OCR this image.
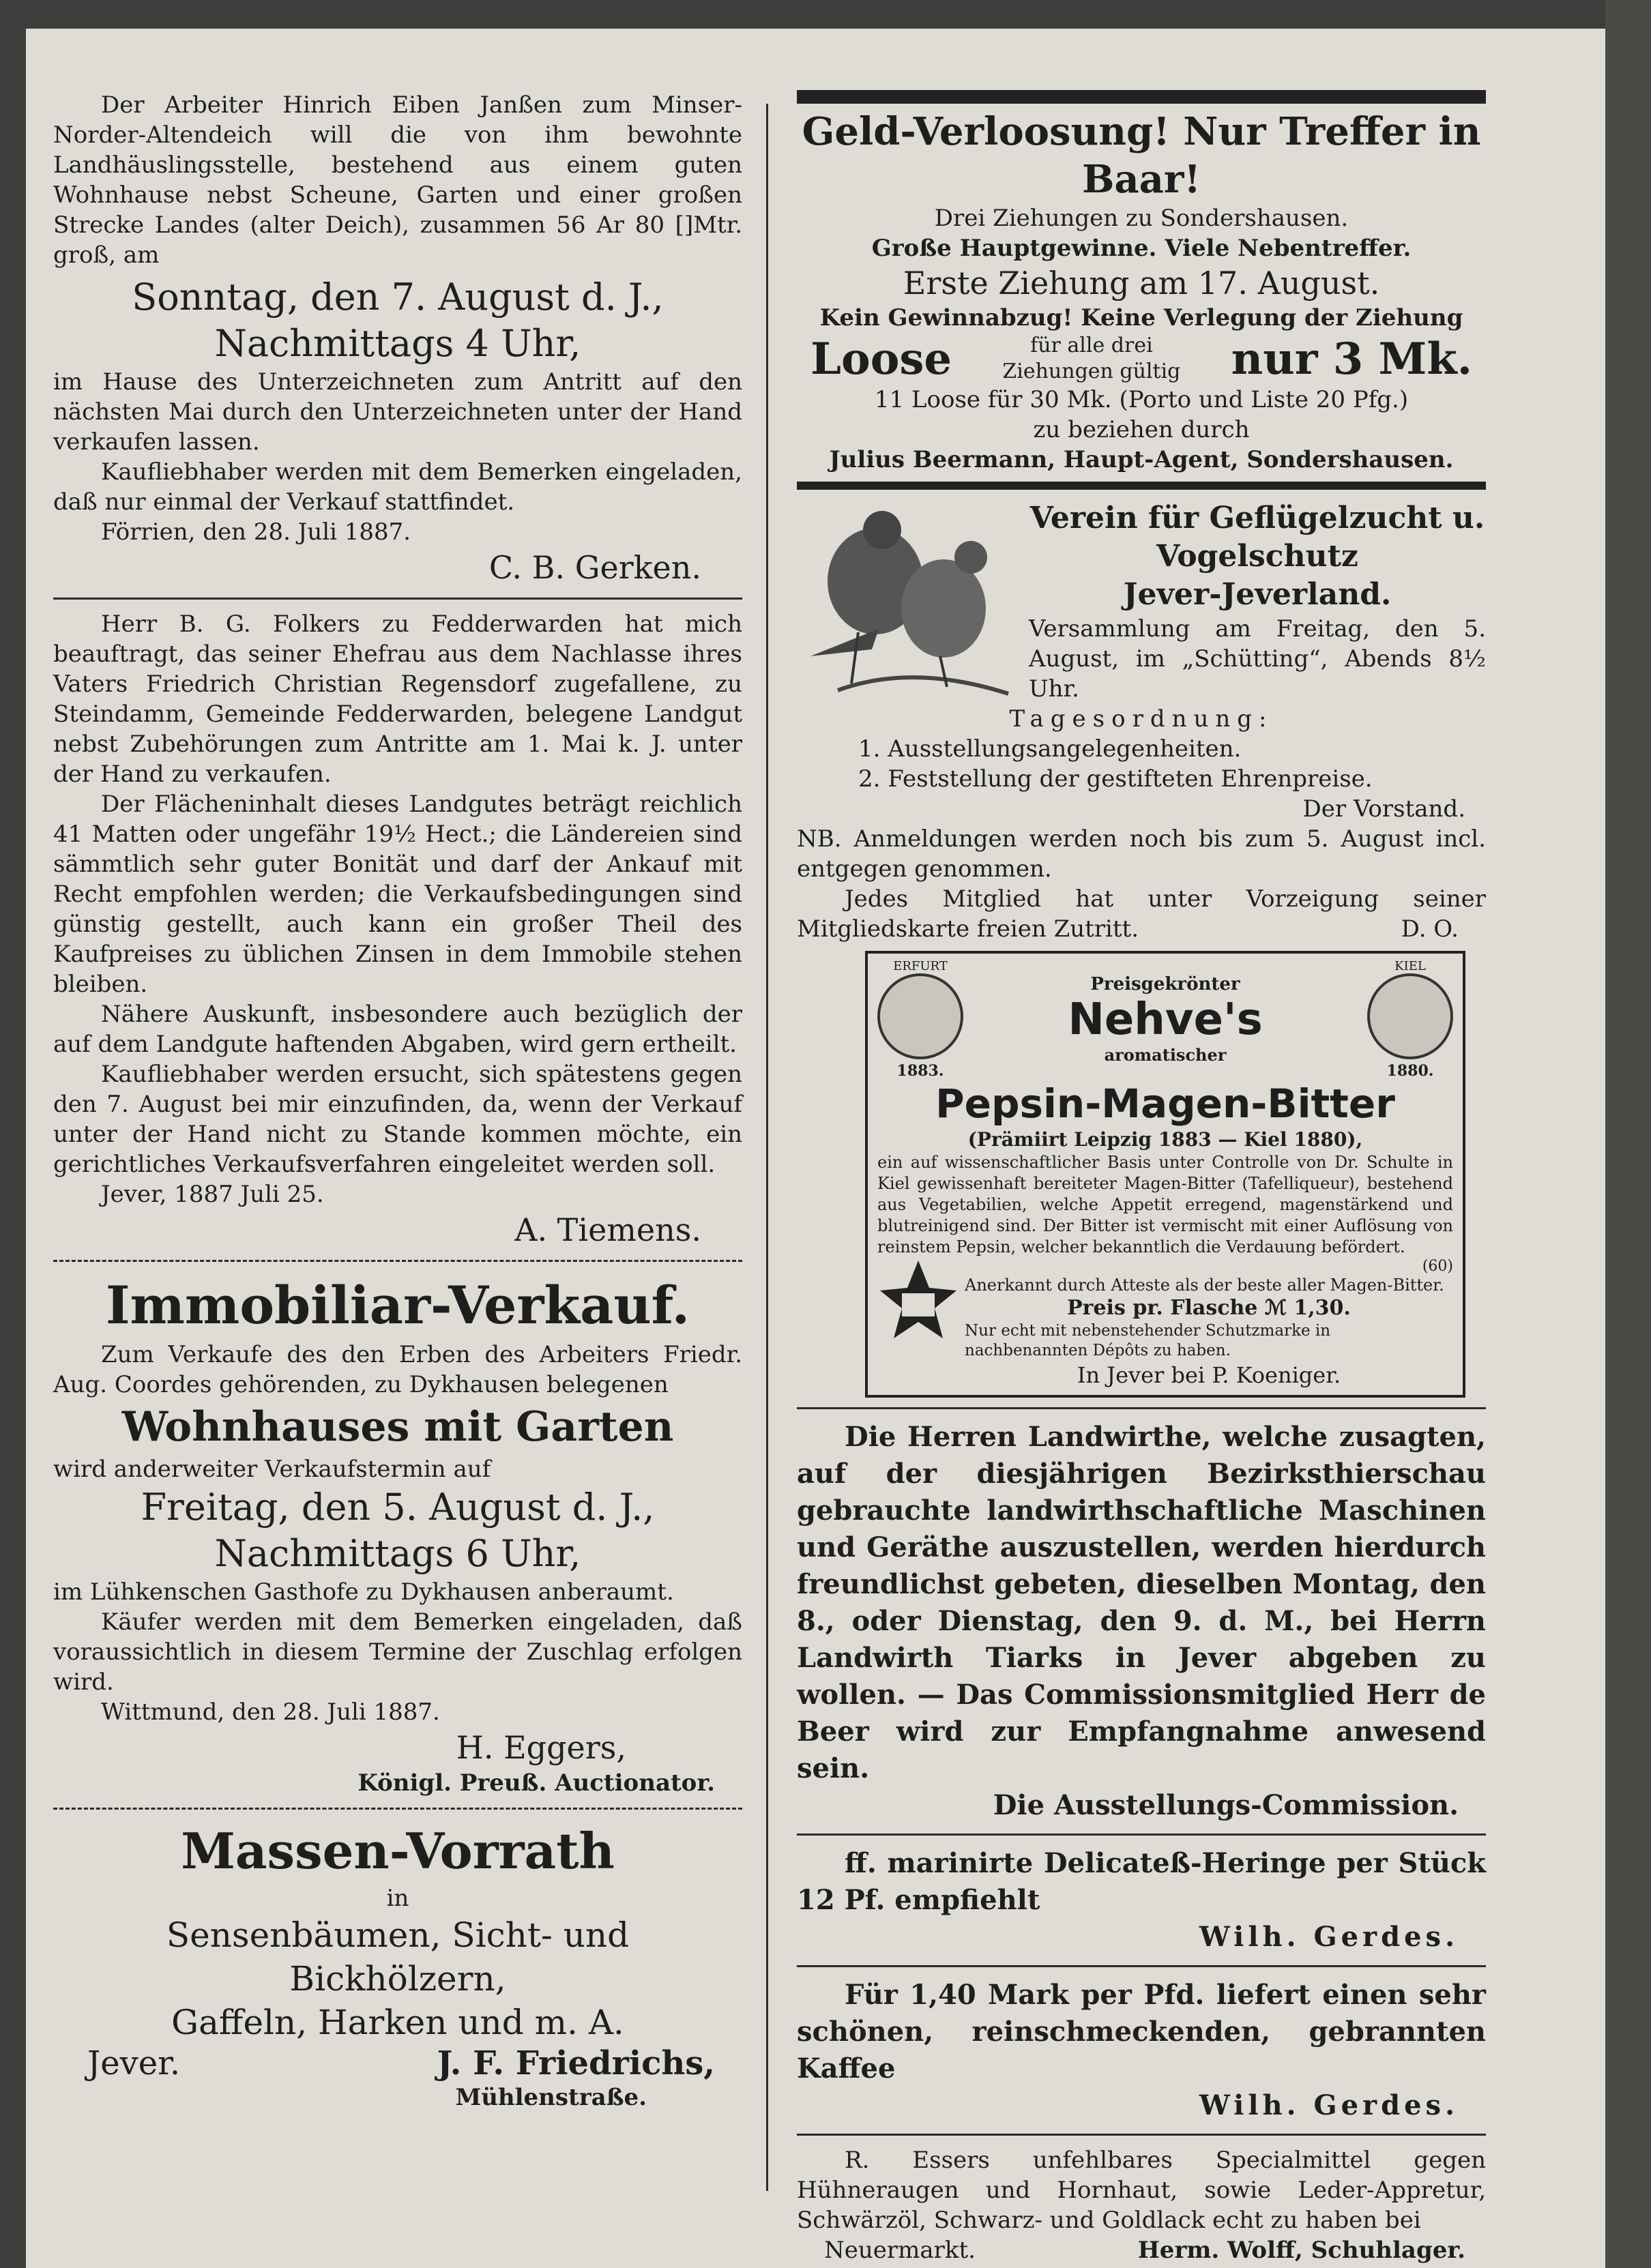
Der Arbeiter Hinrich Eiben Janßen zum Minser-Norder-Altendeich will die von ihm bewohnte Landhäuslingsstelle, bestehend aus einem guten Wohnhause nebst Scheune, Garten und einer großen Strecke Landes (alter Deich), zusammen 56 Ar 80 []Mtr. groß, am

Sonntag, den 7. August d. J.,

Nachmittags 4 Uhr,

im Hause des Unterzeichneten zum Antritt auf den nächsten Mai durch den Unterzeichneten unter der Hand verkaufen lassen.

Kaufliebhaber werden mit dem Bemerken eingeladen, daß nur einmal der Verkauf stattfindet.

Förrien, den 28. Juli 1887.

C. B. Gerken.

Herr B. G. Folkers zu Fedderwarden hat mich beauftragt, das seiner Ehefrau aus dem Nachlasse ihres Vaters Friedrich Christian Regensdorf zugefallene, zu Steindamm, Gemeinde Fedderwarden, belegene Landgut nebst Zubehörungen zum Antritte am 1. Mai k. J. unter der Hand zu verkaufen.

Der Flächeninhalt dieses Landgutes beträgt reichlich 41 Matten oder ungefähr 19½ Hect.; die Ländereien sind sämmtlich sehr guter Bonität und darf der Ankauf mit Recht empfohlen werden; die Verkaufsbedingungen sind günstig gestellt, auch kann ein großer Theil des Kaufpreises zu üblichen Zinsen in dem Immobile stehen bleiben.

Nähere Auskunft, insbesondere auch bezüglich der auf dem Landgute haftenden Abgaben, wird gern ertheilt.

Kaufliebhaber werden ersucht, sich spätestens gegen den 7. August bei mir einzufinden, da, wenn der Verkauf unter der Hand nicht zu Stande kommen möchte, ein gerichtliches Verkaufsverfahren eingeleitet werden soll.

Jever, 1887 Juli 25.

A. Tiemens.

Immobiliar-Verkauf.

Zum Verkaufe des den Erben des Arbeiters Friedr. Aug. Coordes gehörenden, zu Dykhausen belegenen

Wohnhauses mit Garten

wird anderweiter Verkaufstermin auf

Freitag, den 5. August d. J.,

Nachmittags 6 Uhr,

im Lühkenschen Gasthofe zu Dykhausen anberaumt.

Käufer werden mit dem Bemerken eingeladen, daß voraussichtlich in diesem Termine der Zuschlag erfolgen wird.

Wittmund, den 28. Juli 1887.

H. Eggers,

Königl. Preuß. Auctionator.

Massen-Vorrath

in

Sensenbäumen, Sicht- und Bickhölzern,

Gaffeln, Harken und m. A.

Jever.	J. F. Friedrichs,

Mühlenstraße.

Geld-Verloosung! Nur Treffer in Baar!

Drei Ziehungen zu Sondershausen.

Große Hauptgewinne. Viele Nebentreffer.

Erste Ziehung am 17. August.

Kein Gewinnabzug! Keine Verlegung der Ziehung

Loose	für alle drei Ziehungen gültig nur 3 Mk.

11 Loose für 30 Mk. (Porto und Liste 20 Pfg.)

zu beziehen durch

Julius Beermann, Haupt-Agent, Sondershausen.

Verein für Geflügelzucht u.

Vogelschutz

Jever-Jeverland.

Versammlung am Freitag, den 5. August, im „Schütting“, Abends 8½ Uhr.

Tagesordnung:

1. Ausstellungsangelegenheiten.

2. Feststellung der gestifteten Ehrenpreise.

Der Vorstand.

NB. Anmeldungen werden noch bis zum 5. August incl. entgegen genommen.

Jedes Mitglied hat unter Vorzeigung seiner Mitgliedskarte freien Zutritt.	D. O.

ERFURT
1883.
Preisgekrönter
Nehve's
aromatischer
KIEL
1880.

Pepsin-Magen-Bitter

(Prämiirt Leipzig 1883 — Kiel 1880),

ein auf wissenschaftlicher Basis unter Controlle von Dr. Schulte in Kiel gewissenhaft bereiteter Magen-Bitter (Tafelliqueur), bestehend aus Vegetabilien, welche Appetit erregend, magenstärkend und blutreinigend sind. Der Bitter ist vermischt mit einer Auflösung von reinstem Pepsin, welcher bekanntlich die Verdauung befördert.

(60)

Anerkannt durch Atteste als der beste aller Magen-Bitter.

Preis pr. Flasche ℳ 1,30.

Nur echt mit nebenstehender Schutzmarke in nachbenannten Dépôts zu haben.

In Jever bei P. Koeniger.

Die Herren Landwirthe, welche zusagten, auf der diesjährigen Bezirksthierschau gebrauchte landwirthschaftliche Maschinen und Geräthe auszustellen, werden hierdurch freundlichst gebeten, dieselben Montag, den 8., oder Dienstag, den 9. d. M., bei Herrn Landwirth Tiarks in Jever abgeben zu wollen. — Das Commissionsmitglied Herr de Beer wird zur Empfangnahme anwesend sein.

Die Ausstellungs-Commission.

ff. marinirte Delicateß-Heringe per Stück 12 Pf. empfiehlt

Wilh. Gerdes.

Für 1,40 Mark per Pfd. liefert einen sehr schönen, reinschmeckenden, gebrannten Kaffee

Wilh. Gerdes.

R. Essers unfehlbares Specialmittel gegen Hühneraugen und Hornhaut, sowie Leder-Appretur, Schwärzöl, Schwarz- und Goldlack echt zu haben bei

Neuermarkt.	Herm. Wolff, Schuhlager.
